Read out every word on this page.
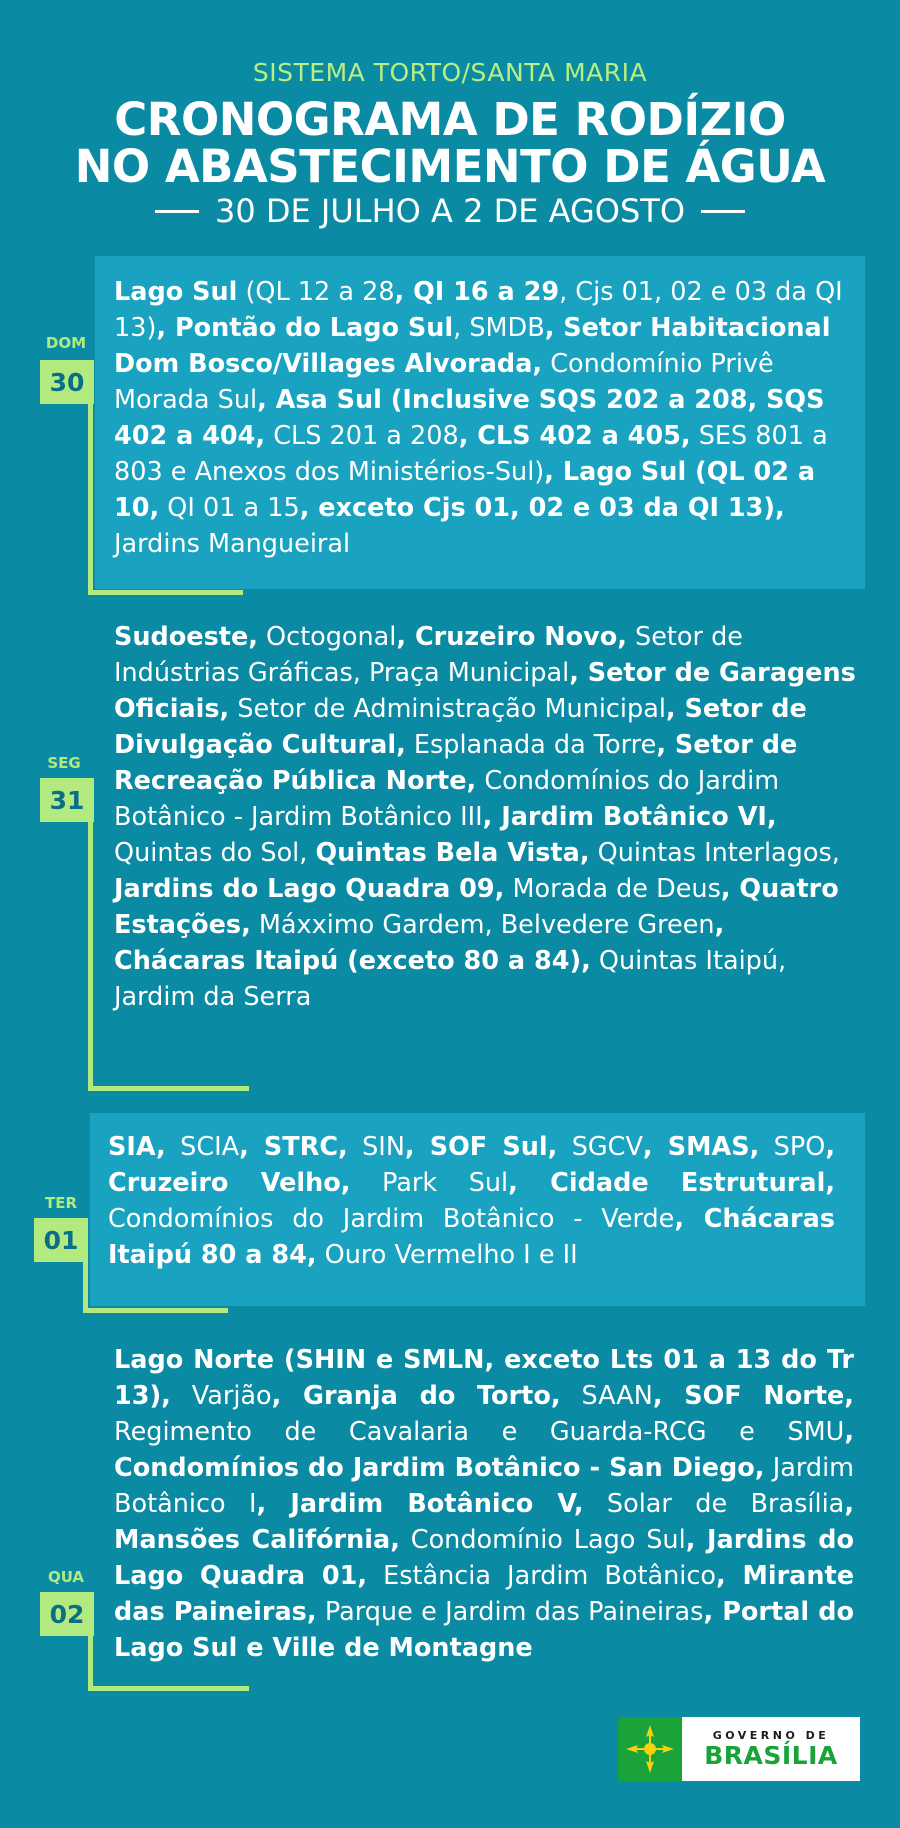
SISTEMA TORTO/SANTA MARIA
CRONOGRAMA DE RODÍZIO
NO ABASTECIMENTO DE ÁGUA
30 DE JULHO A 2 DE AGOSTO
DOM
30
Lago Sul (QL 12 a 28, QI 16 a 29, Cjs 01, 02 e 03 da QI 13), Pontão do Lago Sul, SMDB, Setor Habitacional Dom Bosco/Villages Alvorada, Condomínio Privê Morada Sul, Asa Sul (Inclusive SQS 202 a 208, SQS 402 a 404, CLS 201 a 208, CLS 402 a 405, SES 801 a 803 e Anexos dos Ministérios-Sul), Lago Sul (QL 02 a 10, QI 01 a 15, exceto Cjs 01, 02 e 03 da QI 13), Jardins Mangueiral
SEG
31
Sudoeste, Octogonal, Cruzeiro Novo, Setor de Indústrias Gráficas, Praça Municipal, Setor de Garagens Oficiais, Setor de Administração Municipal, Setor de Divulgação Cultural, Esplanada da Torre, Setor de Recreação Pública Norte, Condomínios do Jardim Botânico - Jardim Botânico III, Jardim Botânico VI, Quintas do Sol, Quintas Bela Vista, Quintas Interlagos, Jardins do Lago Quadra 09, Morada de Deus, Quatro Estações, Máxximo Gardem, Belvedere Green, Chácaras Itaipú (exceto 80 a 84), Quintas Itaipú, Jardim da Serra
TER
01
SIA, SCIA, STRC, SIN, SOF Sul, SGCV, SMAS, SPO, Cruzeiro Velho, Park Sul, Cidade Estrutural, Condomínios do Jardim Botânico - Verde, Chácaras Itaipú 80 a 84, Ouro Vermelho I e II
QUA
02
Lago Norte (SHIN e SMLN, exceto Lts 01 a 13 do Tr 13), Varjão, Granja do Torto, SAAN, SOF Norte, Regimento de Cavalaria e Guarda-RCG e SMU, Condomínios do Jardim Botânico - San Diego, Jardim Botânico I, Jardim Botânico V, Solar de Brasília, Mansões Califórnia, Condomínio Lago Sul, Jardins do Lago Quadra 01, Estância Jardim Botânico, Mirante das Paineiras, Parque e Jardim das Paineiras, Portal do Lago Sul e Ville de Montagne
GOVERNO DE
BRASÍLIA
